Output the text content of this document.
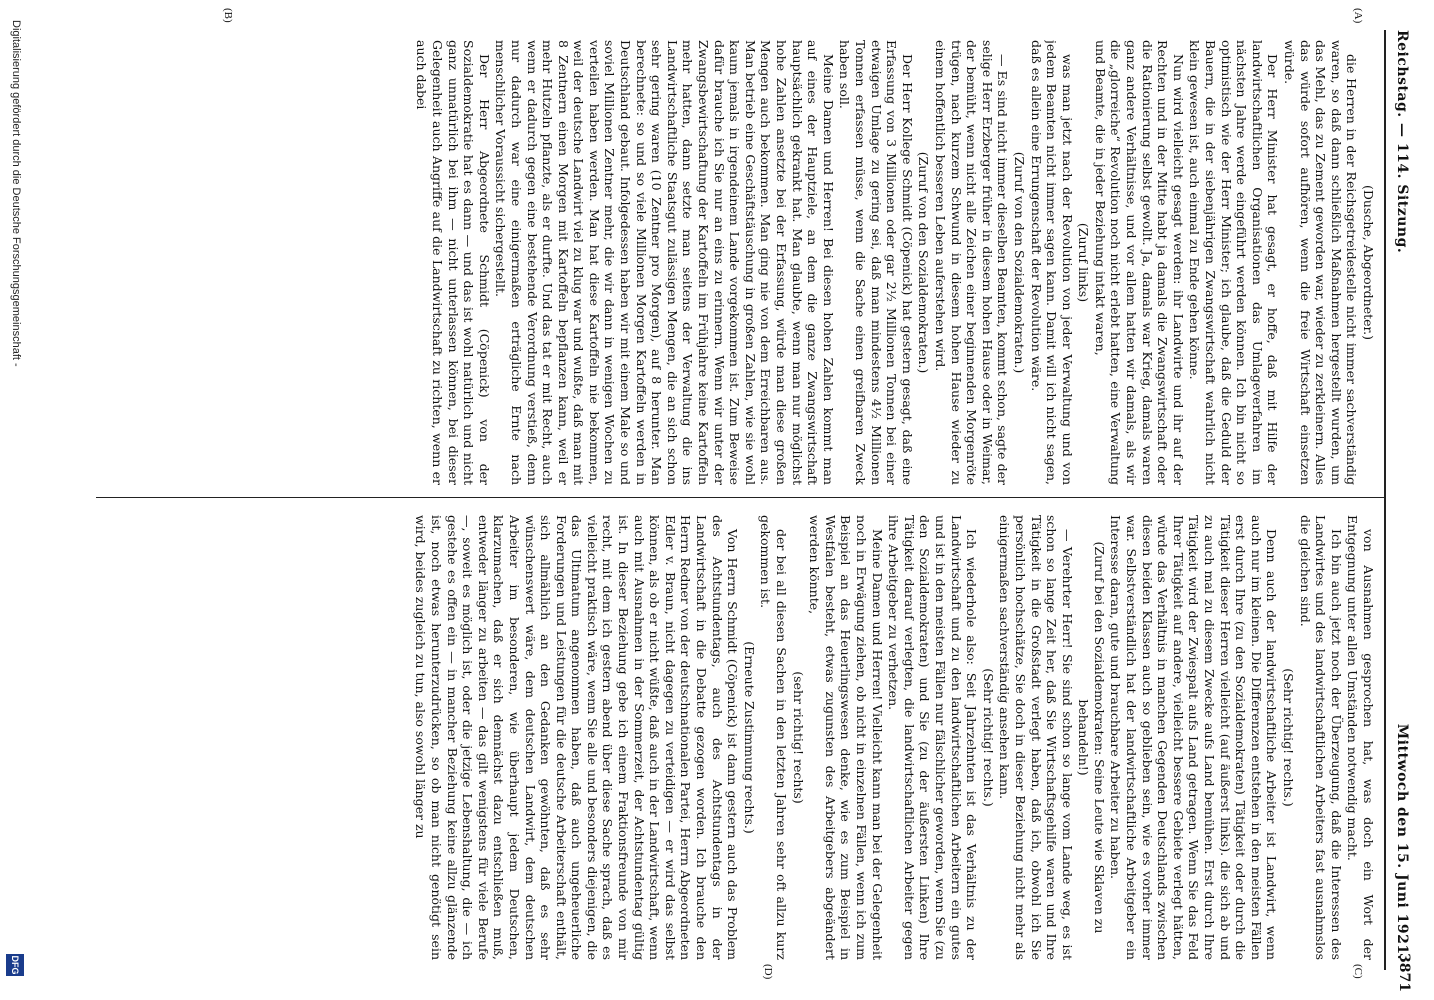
Reichstag. — 114. Sitzung.
Mittwoch den 15. Juni 1921.
3871
(A)
(B)
(C)
(D)

(Dusche, Abgeordneter.)

die Herren in der Reichsgetreidestelle nicht immer sachverständig waren, so daß dann schließlich Maßnahmen hergestellt wurden, um das Mehl, das zu Zement geworden war, wieder zu zerkleinern. Alles das würde sofort aufhören, wenn die freie Wirtschaft einsetzen würde.

Der Herr Minister hat gesagt, er hoffe, daß mit Hilfe der landwirtschaftlichen Organisationen das Umlageverfahren im nächsten Jahre werde eingeführt werden können. Ich bin nicht so optimistisch wie der Herr Minister; ich glaube, daß die Geduld der Bauern, die in der siebenjährigen Zwangswirtschaft wahrlich nicht klein gewesen ist, auch einmal zu Ende gehen könne.

Nun wird vielleicht gesagt werden: ihr Landwirte und ihr auf der Rechten und in der Mitte habt ja damals die Zwangswirtschaft oder die Rationierung selbst gewollt. Ja, damals war Krieg, damals waren ganz andere Verhältnisse, und vor allem hatten wir damals, als wir die „glorreiche“ Revolution noch nicht erlebt hatten, eine Verwaltung und Beamte, die in jeder Beziehung intakt waren,

(Zuruf links)

was man jetzt nach der Revolution von jeder Verwaltung und von jedem Beamten nicht immer sagen kann. Damit will ich nicht sagen, daß es allein eine Errungenschaft der Revolution wäre.

(Zuruf von den Sozialdemokraten.)

— Es sind nicht immer dieselben Beamten, kommt schon, sagte der selige Herr Erzberger früher in diesem hohen Hause oder in Weimar, der bemüht, wenn nicht alle Zeichen einer beginnenden Morgenröte trügen, nach kurzem Schwund in diesem hohen Hause wieder zu einem hoffentlich besseren Leben auferstehen wird.

(Zuruf von den Sozialdemokraten.)

Der Herr Kollege Schmidt (Cöpenick) hat gestern gesagt, daß eine Erfassung von 3 Millionen oder gar 2½ Millionen Tonnen bei einer etwaigen Umlage zu gering sei, daß man mindestens 4½ Millionen Tonnen erfassen müsse, wenn die Sache einen greifbaren Zweck haben soll.

Meine Damen und Herren! Bei diesen hohen Zahlen kommt man auf eines der Hauptziele, an dem die ganze Zwangswirtschaft hauptsächlich gekrankt hat. Man glaubte, wenn man nur möglichst hohe Zahlen ansetzte bei der Erfassung, würde man diese großen Mengen auch bekommen. Man ging nie von dem Erreichbaren aus. Man betrieb eine Geschäftstäuschung in großen Zahlen, wie sie wohl kaum jemals in irgendeinem Lande vorgekommen ist. Zum Beweise dafür brauche ich Sie nur an eins zu erinnern. Wenn wir unter der Zwangsbewirtschaftung der Kartoffeln im Frühjahre keine Kartoffeln mehr hatten, dann setzte man seitens der Verwaltung die ins Landwirtschaftliche Staatsgut zulässigen Mengen, die an sich schon sehr gering waren (10 Zentner pro Morgen), auf 8 herunter. Man berechnete: so und so viele Millionen Morgen Kartoffeln werden in Deutschland gebaut. Infolgedessen haben wir mit einem Male so und soviel Millionen Zentner mehr, die wir dann in wenigen Wochen zu verteilen haben werden. Man hat diese Kartoffeln nie bekommen, weil der deutsche Landwirt viel zu klug war und wußte, daß man mit 8 Zentnern einen Morgen mit Kartoffeln bepflanzen kann, weil er mehr Hutzeln pflanzte, als er durfte. Und das tat er mit Recht, auch wenn er dadurch gegen eine bestehende Verordnung verstieß, denn nur dadurch war eine einigermaßen erträgliche Ernte nach menschlicher Voraussicht sichergestellt.

Der Herr Abgeordnete Schmidt (Cöpenick) von der Sozialdemokratie hat es dann — und das ist wohl natürlich und nicht ganz unnatürlich bei ihm — nicht unterlassen können, bei dieser Gelegenheit auch Angriffe auf die Landwirtschaft zu richten, wenn er auch dabei

von Ausnahmen gesprochen hat, was doch ein Wort der Entgegnung unter allen Umständen notwendig macht.

Ich bin auch jetzt noch der Überzeugung, daß die Interessen des Landwirtes und des landwirtschaftlichen Arbeiters fast ausnahmslos die gleichen sind.

(Sehr richtig! rechts.)

Denn auch der landwirtschaftliche Arbeiter ist Landwirt, wenn auch nur im kleinen. Die Differenzen entstehen in den meisten Fällen erst durch Ihre (zu den Sozialdemokraten) Tätigkeit oder durch die Tätigkeit dieser Herren vielleicht (auf äußerst links). die sich ab und zu auch mal zu diesem Zwecke aufs Land bemühen. Erst durch Ihre Tätigkeit wird der Zwiespalt aufs Land getragen. Wenn Sie das Feld Ihrer Tätigkeit auf andere, vielleicht bessere Gebiete verlegt hätten, würde das Verhältnis in manchen Gegenden Deutschlands zwischen diesen beiden Klassen auch so geblieben sein, wie es vorher immer war. Selbstverständlich hat der landwirtschaftliche Arbeitgeber ein Interesse daran, gute und brauchbare Arbeiter zu haben.

(Zuruf bei den Sozialdemokraten: Seine Leute wie Sklaven zu behandeln!)

— Verehrter Herr! Sie sind schon so lange vom Lande weg, es ist schon so lange Zeit her, daß Sie Wirtschaftsgehilfe waren und Ihre Tätigkeit in die Großstadt verlegt haben, daß ich, obwohl ich Sie persönlich hochschätze, Sie doch in dieser Beziehung nicht mehr als einigermaßen sachverständig ansehen kann.

(Sehr richtig! rechts.)

Ich wiederhole also: Seit Jahrzehnten ist das Verhältnis zu der Landwirtschaft und zu den landwirtschaftlichen Arbeitern ein gutes und ist in den meisten Fällen nur fälschlicher geworden, wenn Sie (zu den Sozialdemokraten) und Sie (zu der äußersten Linken) Ihre Tätigkeit darauf verlegten, die landwirtschaftlichen Arbeiter gegen ihre Arbeitgeber zu verhetzen.

Meine Damen und Herren! Vielleicht kann man bei der Gelegenheit noch in Erwägung ziehen, ob nicht in einzelnen Fällen, wenn ich zum Beispiel an das Heuerlingswesen denke, wie es zum Beispiel in Westfalen besteht, etwas zugunsten des Arbeitgebers abgeändert werden könnte,

(sehr richtig! rechts)

der bei all diesen Sachen in den letzten Jahren sehr oft allzu kurz gekommen ist.

(Erneute Zustimmung rechts.)

Von Herrn Schmidt (Cöpenick) ist dann gestern auch das Problem des Achtstundentags, auch des Achtstundentags in der Landwirtschaft in die Debatte gezogen worden. Ich brauche den Herrn Redner von der deutschnationalen Partei, Herrn Abgeordneten Edler v. Braun, nicht dagegen zu verteidigen — er wird das selbst können, als ob er nicht wüßte, daß auch in der Landwirtschaft, wenn auch mit Ausnahmen in der Sommerzeit, der Achtstundentag gültig ist. In dieser Beziehung gebe ich einem Fraktionsfreunde von mir recht, mit dem ich gestern abend über diese Sache sprach, daß es vielleicht praktisch wäre, wenn Sie alle und besonders diejenigen, die das Ultimatum angenommen haben, daß auch ungeheuerliche Forderungen und Leistungen für die deutsche Arbeiterschaft enthält, sich allmählich an den Gedanken gewöhnten, daß es sehr wünschenswert wäre, dem deutschen Landwirt, dem deutschen Arbeiter im besonderen, wie überhaupt jedem Deutschen, klarzumachen, daß er sich demnächst dazu entschließen muß, entweder länger zu arbeiten — das gilt wenigstens für viele Berufe —, soweit es möglich ist, oder die jetzige Lebenshaltung, die — ich gestehe es offen ein — in mancher Beziehung keine allzu glänzende ist, noch etwas herunterzudrücken, so ob man nicht genötigt sein wird, beides zugleich zu tun, also sowohl länger zu

Digitalisierung gefördert durch die Deutsche Forschungsgemeinschaft -
DFG
